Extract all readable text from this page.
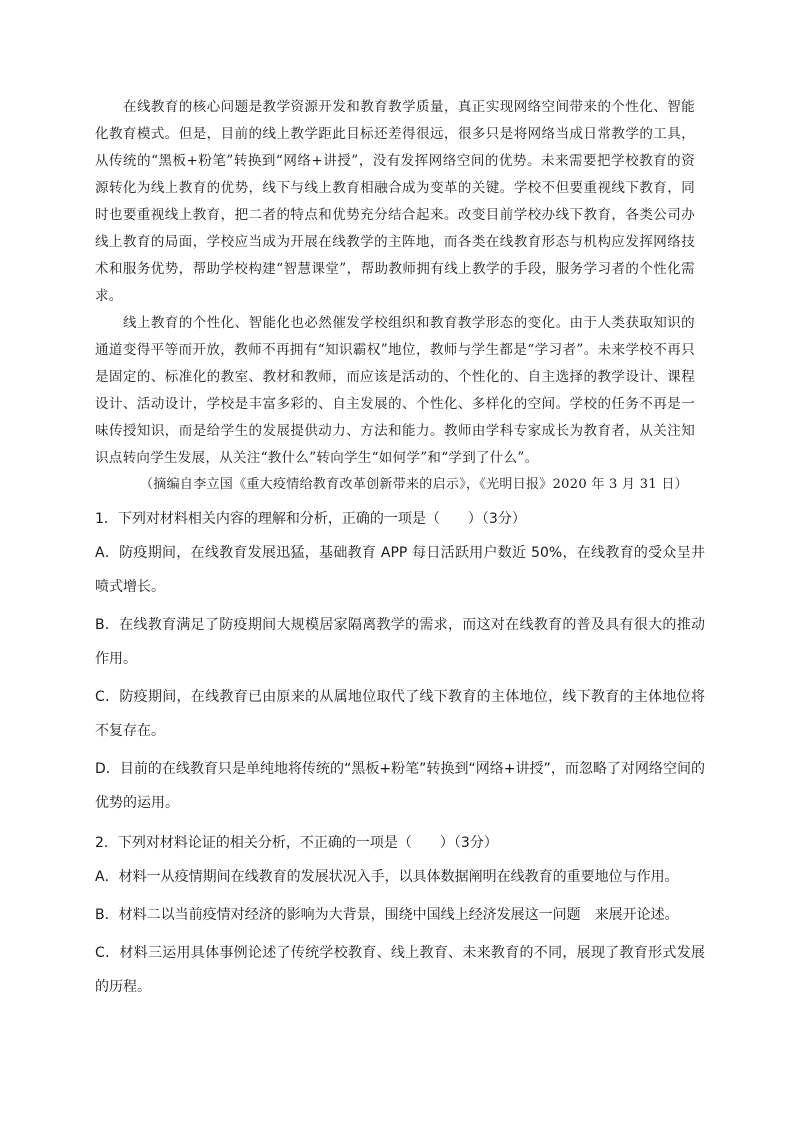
在线教育的核心问题是教学资源开发和教育教学质量，真正实现网络空间带来的个性化、智能化教育模式。但是，目前的线上教学距此目标还差得很远，很多只是将网络当成日常教学的工具，从传统的“黑板+粉笔”转换到“网络+讲授”，没有发挥网络空间的优势。未来需要把学校教育的资源转化为线上教育的优势，线下与线上教育相融合成为变革的关键。学校不但要重视线下教育，同时也要重视线上教育，把二者的特点和优势充分结合起来。改变目前学校办线下教育，各类公司办线上教育的局面，学校应当成为开展在线教学的主阵地，而各类在线教育形态与机构应发挥网络技术和服务优势，帮助学校构建“智慧课堂”，帮助教师拥有线上教学的手段，服务学习者的个性化需求。

线上教育的个性化、智能化也必然催发学校组织和教育教学形态的变化。由于人类获取知识的通道变得平等而开放，教师不再拥有“知识霸权”地位，教师与学生都是“学习者”。未来学校不再只是固定的、标准化的教室、教材和教师，而应该是活动的、个性化的、自主选择的教学设计、课程设计、活动设计，学校是丰富多彩的、自主发展的、个性化、多样化的空间。学校的任务不再是一味传授知识，而是给学生的发展提供动力、方法和能力。教师由学科专家成长为教育者，从关注知识点转向学生发展，从关注“教什么”转向学生“如何学”和“学到了什么”。

（摘编自李立国《重大疫情给教育改革创新带来的启示》，《光明日报》2020 年 3 月 31 日）

1．下列对材料相关内容的理解和分析，正确的一项是（　　）（3分）

A．防疫期间，在线教育发展迅猛，基础教育 APP 每日活跃用户数近 50%，在线教育的受众呈井喷式增长。

B．在线教育满足了防疫期间大规模居家隔离教学的需求，而这对在线教育的普及具有很大的推动作用。

C．防疫期间，在线教育已由原来的从属地位取代了线下教育的主体地位，线下教育的主体地位将不复存在。

D．目前的在线教育只是单纯地将传统的“黑板+粉笔”转换到“网络+讲授”，而忽略了对网络空间的优势的运用。

2．下列对材料论证的相关分析，不正确的一项是（　　）（3分）

A．材料一从疫情期间在线教育的发展状况入手，以具体数据阐明在线教育的重要地位与作用。

B．材料二以当前疫情对经济的影响为大背景，围绕中国线上经济发展这一问题　来展开论述。

C．材料三运用具体事例论述了传统学校教育、线上教育、未来教育的不同，展现了教育形式发展的历程。
